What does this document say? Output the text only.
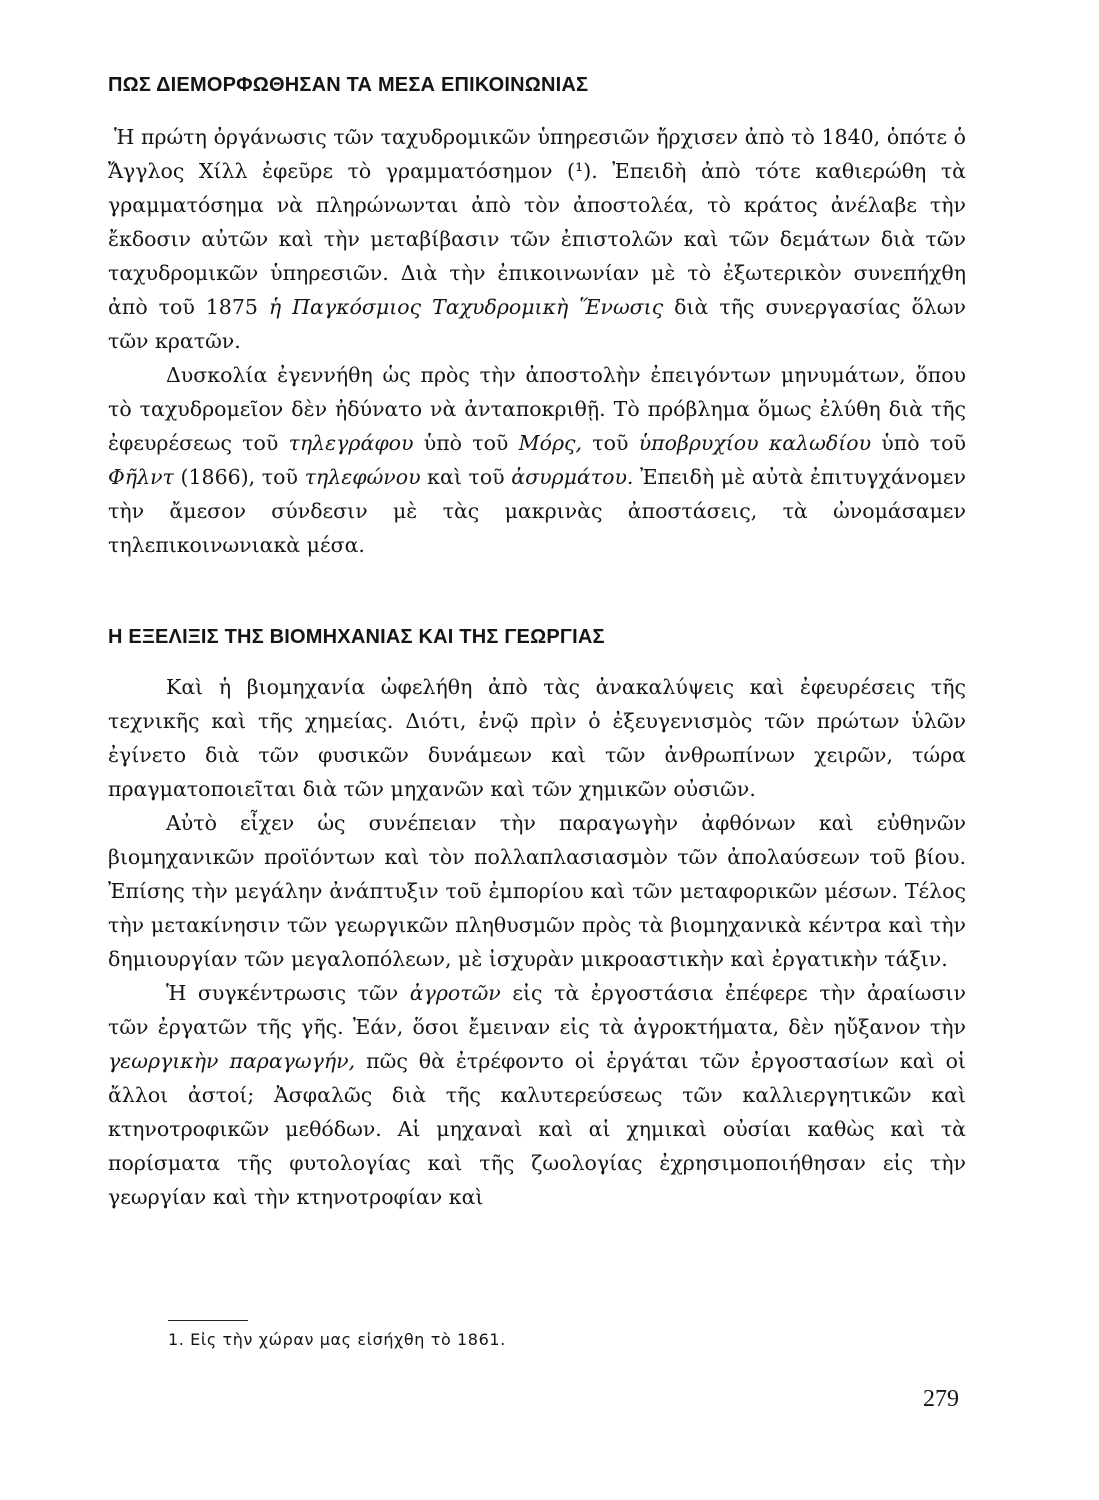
ΠΩΣ ΔΙΕΜΟΡΦΩΘΗΣΑΝ ΤΑ ΜΕΣΑ ΕΠΙΚΟΙΝΩΝΙΑΣ

Ἡ πρώτη ὀργάνωσις τῶν ταχυδρομικῶν ὑπηρεσιῶν ἤρχισεν ἀπὸ τὸ 1840, ὁπότε ὁ Ἄγγλος Χίλλ ἐφεῦρε τὸ γραμματόσημον (¹). Ἐπειδὴ ἀπὸ τότε καθιερώθη τὰ γραμματόσημα νὰ πληρώνωνται ἀπὸ τὸν ἀποστολέα, τὸ κράτος ἀνέλαβε τὴν ἔκδοσιν αὐτῶν καὶ τὴν μεταβίβασιν τῶν ἐπιστολῶν καὶ τῶν δεμάτων διὰ τῶν ταχυδρομικῶν ὑπηρεσιῶν. Διὰ τὴν ἐπικοινωνίαν μὲ τὸ ἐξωτερικὸν συνεπήχθη ἀπὸ τοῦ 1875 ἡ Παγκόσμιος Ταχυδρομικὴ Ἕνωσις διὰ τῆς συνεργασίας ὅλων τῶν κρατῶν.

Δυσκολία ἐγεννήθη ὡς πρὸς τὴν ἀποστολὴν ἐπειγόντων μηνυμάτων, ὅπου τὸ ταχυδρομεῖον δὲν ἠδύνατο νὰ ἀνταποκριθῇ. Τὸ πρόβλημα ὅμως ἐλύθη διὰ τῆς ἐφευρέσεως τοῦ τηλεγράφου ὑπὸ τοῦ Μόρς, τοῦ ὑποβρυχίου καλωδίου ὑπὸ τοῦ Φῆλντ (1866), τοῦ τηλεφώνου καὶ τοῦ ἀσυρμάτου. Ἐπειδὴ μὲ αὐτὰ ἐπιτυγχάνομεν τὴν ἄμεσον σύνδεσιν μὲ τὰς μακρινὰς ἀποστάσεις, τὰ ὠνομάσαμεν τηλεπικοινωνιακὰ μέσα.

Η ΕΞΕΛΙΞΙΣ ΤΗΣ ΒΙΟΜΗΧΑΝΙΑΣ ΚΑΙ ΤΗΣ ΓΕΩΡΓΙΑΣ

Καὶ ἡ βιομηχανία ὠφελήθη ἀπὸ τὰς ἀνακαλύψεις καὶ ἐφευρέσεις τῆς τεχνικῆς καὶ τῆς χημείας. Διότι, ἐνῷ πρὶν ὁ ἐξευγενισμὸς τῶν πρώτων ὑλῶν ἐγίνετο διὰ τῶν φυσικῶν δυνάμεων καὶ τῶν ἀνθρωπίνων χειρῶν, τώρα πραγματοποιεῖται διὰ τῶν μηχανῶν καὶ τῶν χημικῶν οὐσιῶν.

Αὐτὸ εἶχεν ὡς συνέπειαν τὴν παραγωγὴν ἀφθόνων καὶ εὐθηνῶν βιομηχανικῶν προϊόντων καὶ τὸν πολλαπλασιασμὸν τῶν ἀπολαύσεων τοῦ βίου. Ἐπίσης τὴν μεγάλην ἀνάπτυξιν τοῦ ἐμπορίου καὶ τῶν μεταφορικῶν μέσων. Τέλος τὴν μετακίνησιν τῶν γεωργικῶν πληθυσμῶν πρὸς τὰ βιομηχανικὰ κέντρα καὶ τὴν δημιουργίαν τῶν μεγαλοπόλεων, μὲ ἰσχυρὰν μικροαστικὴν καὶ ἐργατικὴν τάξιν.

Ἡ συγκέντρωσις τῶν ἀγροτῶν εἰς τὰ ἐργοστάσια ἐπέφερε τὴν ἀραίωσιν τῶν ἐργατῶν τῆς γῆς. Ἐάν, ὅσοι ἔμειναν εἰς τὰ ἀγροκτήματα, δὲν ηὔξανον τὴν γεωργικὴν παραγωγήν, πῶς θὰ ἐτρέφοντο οἱ ἐργάται τῶν ἐργοστασίων καὶ οἱ ἄλλοι ἀστοί; Ἀσφαλῶς διὰ τῆς καλυτερεύσεως τῶν καλλιεργητικῶν καὶ κτηνοτροφικῶν μεθόδων. Αἱ μηχαναὶ καὶ αἱ χημικαὶ οὐσίαι καθὼς καὶ τὰ πορίσματα τῆς φυτολογίας καὶ τῆς ζωολογίας ἐχρησιμοποιήθησαν εἰς τὴν γεωργίαν καὶ τὴν κτηνοτροφίαν καὶ

1. Εἰς τὴν χώραν μας εἰσήχθη τὸ 1861.

279
